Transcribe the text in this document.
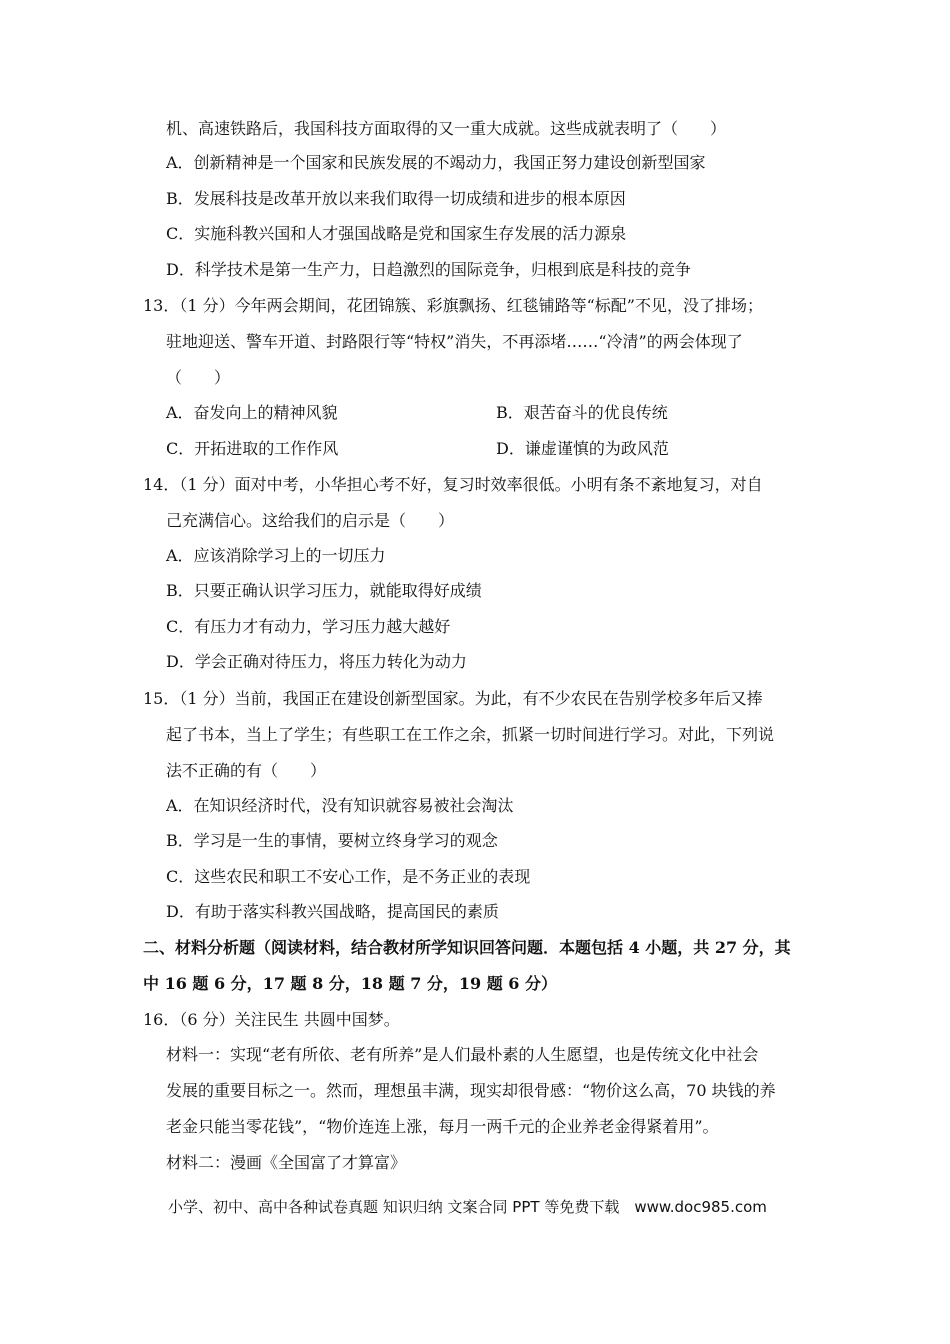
机、高速铁路后，我国科技方面取得的又一重大成就。这些成就表明了（　　）
A．创新精神是一个国家和民族发展的不竭动力，我国正努力建设创新型国家
B．发展科技是改革开放以来我们取得一切成绩和进步的根本原因
C．实施科教兴国和人才强国战略是党和国家生存发展的活力源泉
D．科学技术是第一生产力，日趋激烈的国际竞争，归根到底是科技的竞争
13．（1 分）今年两会期间，花团锦簇、彩旗飘扬、红毯铺路等“标配”不见，没了排场；
驻地迎送、警车开道、封路限行等“特权”消失，不再添堵……“冷清”的两会体现了
（　　）
A．奋发向上的精神风貌	B．艰苦奋斗的优良传统
C．开拓进取的工作作风	D．谦虚谨慎的为政风范
14．（1 分）面对中考，小华担心考不好，复习时效率很低。小明有条不紊地复习，对自
己充满信心。这给我们的启示是（　　）
A．应该消除学习上的一切压力
B．只要正确认识学习压力，就能取得好成绩
C．有压力才有动力，学习压力越大越好
D．学会正确对待压力，将压力转化为动力
15．（1 分）当前，我国正在建设创新型国家。为此，有不少农民在告别学校多年后又捧
起了书本，当上了学生；有些职工在工作之余，抓紧一切时间进行学习。对此，下列说
法不正确的有（　　）
A．在知识经济时代，没有知识就容易被社会淘汰
B．学习是一生的事情，要树立终身学习的观念
C．这些农民和职工不安心工作，是不务正业的表现
D．有助于落实科教兴国战略，提高国民的素质
二、材料分析题（阅读材料，结合教材所学知识回答问题．本题包括 4 小题，共 27 分，其
中 16 题 6 分，17 题 8 分，18 题 7 分，19 题 6 分）
16．（6 分）关注民生 共圆中国梦。
材料一：实现“老有所依、老有所养”是人们最朴素的人生愿望，也是传统文化中社会
发展的重要目标之一。然而，理想虽丰满，现实却很骨感：“物价这么高，70 块钱的养
老金只能当零花钱”，“物价连连上涨，每月一两千元的企业养老金得紧着用”。
材料二：漫画《全国富了才算富》
小学、初中、高中各种试卷真题 知识归纳 文案合同 PPT 等免费下载　www.doc985.com
